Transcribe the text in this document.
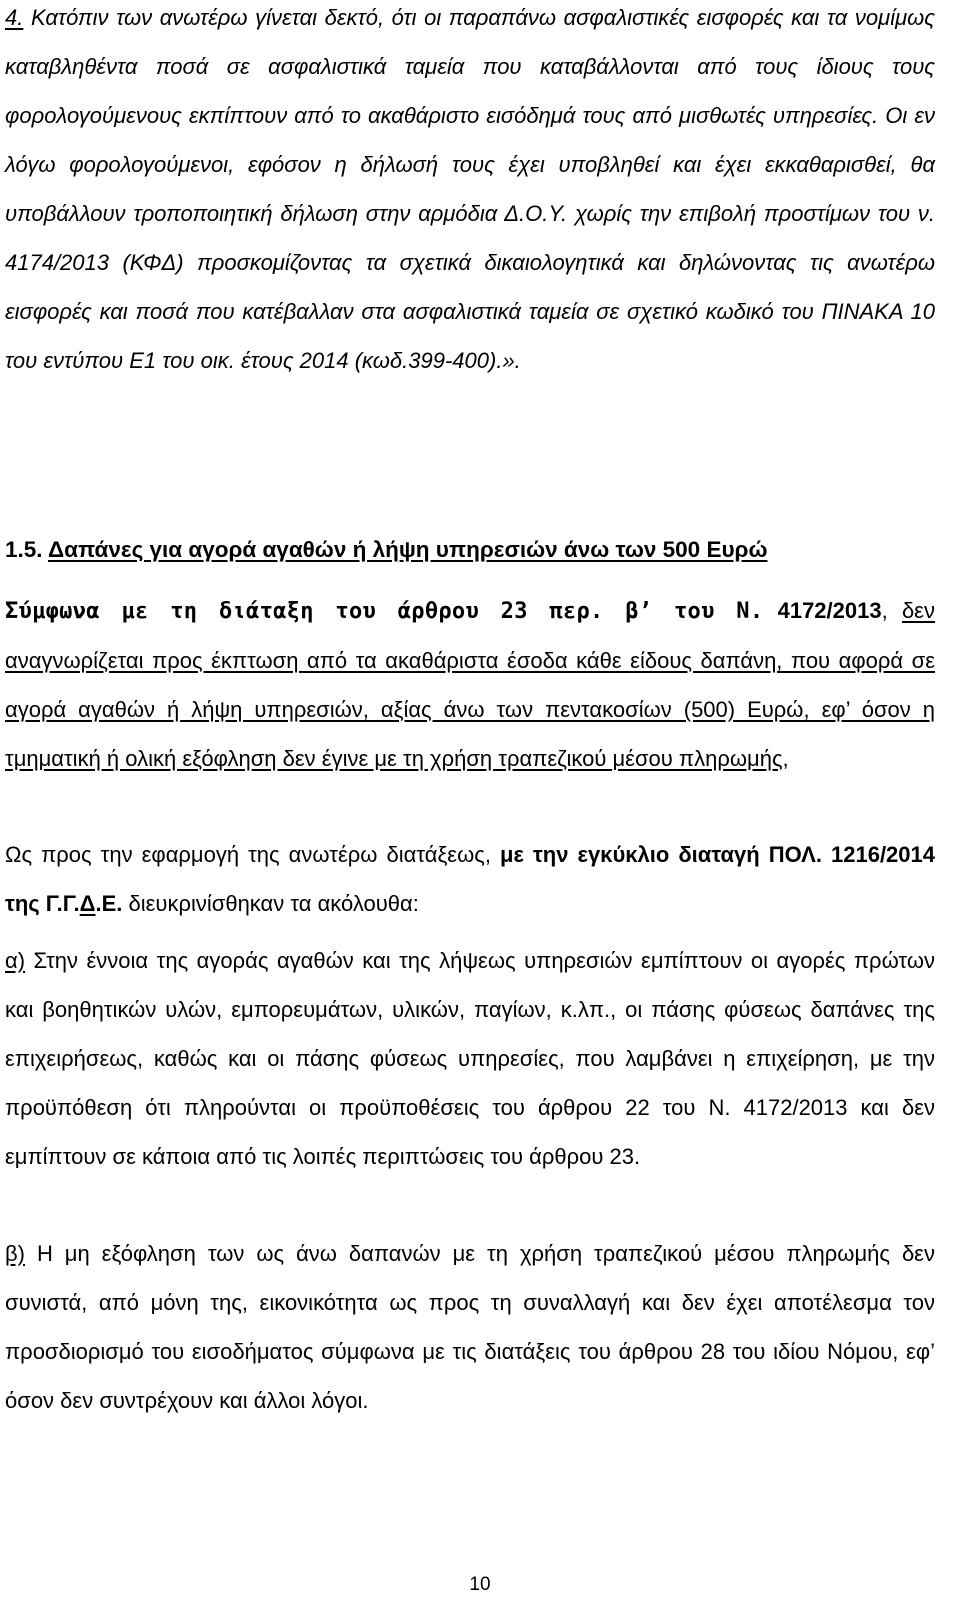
4. Κατόπιν των ανωτέρω γίνεται δεκτό, ότι οι παραπάνω ασφαλιστικές εισφορές και τα νομίμως καταβληθέντα ποσά σε ασφαλιστικά ταμεία που καταβάλλονται από τους ίδιους τους φορολογούμενους εκπίπτουν από το ακαθάριστο εισόδημά τους από μισθωτές υπηρεσίες. Οι εν λόγω φορολογούμενοι, εφόσον η δήλωσή τους έχει υποβληθεί και έχει εκκαθαρισθεί, θα υποβάλλουν τροποποιητική δήλωση στην αρμόδια Δ.Ο.Υ. χωρίς την επιβολή προστίμων του ν. 4174/2013 (ΚΦΔ) προσκομίζοντας τα σχετικά δικαιολογητικά και δηλώνοντας τις ανωτέρω εισφορές και ποσά που κατέβαλλαν στα ασφαλιστικά ταμεία σε σχετικό κωδικό του ΠΙΝΑΚΑ 10 του εντύπου Ε1 του οικ. έτους 2014 (κωδ.399-400).».

1.5. Δαπάνες για αγορά αγαθών ή λήψη υπηρεσιών άνω των 500 Ευρώ

Σύμφωνα με τη διάταξη του άρθρου 23 περ. β’ του Ν. 4172/2013, δεν αναγνωρίζεται προς έκπτωση από τα ακαθάριστα έσοδα κάθε είδους δαπάνη, που αφορά σε αγορά αγαθών ή λήψη υπηρεσιών, αξίας άνω των πεντακοσίων (500) Ευρώ, εφ’ όσον η τμηματική ή ολική εξόφληση δεν έγινε με τη χρήση τραπεζικού μέσου πληρωμής,

Ως προς την εφαρμογή της ανωτέρω διατάξεως, με την εγκύκλιο διαταγή ΠΟΛ. 1216/2014 της Γ.Γ.Δ.Ε. διευκρινίσθηκαν τα ακόλουθα:

α) Στην έννοια της αγοράς αγαθών και της λήψεως υπηρεσιών εμπίπτουν οι αγορές πρώτων και βοηθητικών υλών, εμπορευμάτων, υλικών, παγίων, κ.λπ., οι πάσης φύσεως δαπάνες της επιχειρήσεως, καθώς και οι πάσης φύσεως υπηρεσίες, που λαμβάνει η επιχείρηση, με την προϋπόθεση ότι πληρούνται οι προϋποθέσεις του άρθρου 22 του Ν. 4172/2013 και δεν εμπίπτουν σε κάποια από τις λοιπές περιπτώσεις του άρθρου 23.

β) Η μη εξόφληση των ως άνω δαπανών με τη χρήση τραπεζικού μέσου πληρωμής δεν συνιστά, από μόνη της, εικονικότητα ως προς τη συναλλαγή και δεν έχει αποτέλεσμα τον προσδιορισμό του εισοδήματος σύμφωνα με τις διατάξεις του άρθρου 28 του ιδίου Νόμου, εφ’ όσον δεν συντρέχουν και άλλοι λόγοι.

10
